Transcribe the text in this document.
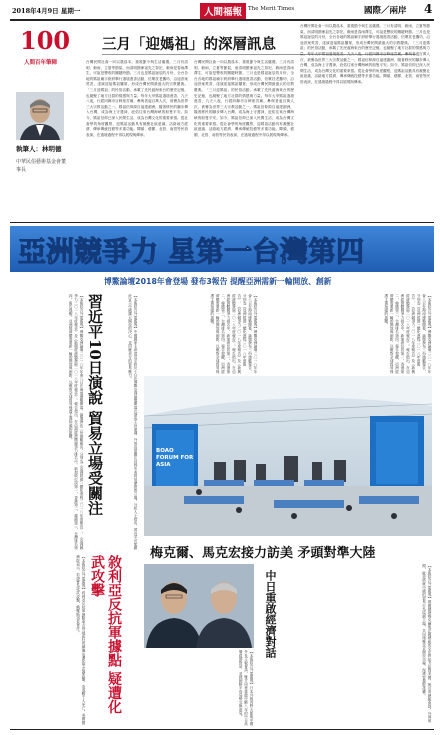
2018年4月9日 星期一	人間福報	The Merit Times	國際／兩岸 4
100
人間百年筆陣
三月「迎媽祖」的深層訊息
執筆人：林明德
中華民俗藝術基金會董事長
台灣民間社會一向以農爲本，重視節令與生活儀禮。三月有清明、穀雨，立夏等節氣，而清明節係祖先之祭祀，穀雨是春雨澤生，可說是豐收的關鍵時節。三月也是媽祖誕辰的月份，全台各地的媽祖廟宇紛紛舉行遶境進香活動，信眾扶老攜幼，沿途設案焚香，虔誠迎接媽祖鑾駕，形成台灣民間最盛大的宗教慶典。「三月迎媽祖」的民俗活動，承載了先民渡海來台的歷史記憶，也凝聚了地方社群的情感與力量。每年大甲媽祖遶境進香，九天八夜，行經四縣市百餘座宮廟，參與者逾百萬人次，被譽為世界三大宗教活動之一。媽祖信仰源自福建湄洲，隨著移民的腳步傳入台灣，成為海上守護神，庇佑往來台灣海峽的船隻平安。如今，媽祖信仰已深入民間生活，成為台灣文化的重要象徵。從社會學的角度觀察，迎媽祖活動具有凝聚社區意識、活絡地方經濟、傳承傳統技藝等多重功能。陣頭、藝閣、北管、南管等民俗表演，在遶境過程中得以展現與傳承。
台灣民間社會一向以農爲本，重視節令與生活儀禮。三月有清明、穀雨，立夏等節氣，而清明節係祖先之祭祀，穀雨是春雨澤生，可說是豐收的關鍵時節。三月也是媽祖誕辰的月份，全台各地的媽祖廟宇紛紛舉行遶境進香活動，信眾扶老攜幼，沿途設案焚香，虔誠迎接媽祖鑾駕，形成台灣民間最盛大的宗教慶典。「三月迎媽祖」的民俗活動，承載了先民渡海來台的歷史記憶，也凝聚了地方社群的情感與力量。每年大甲媽祖遶境進香，九天八夜，行經四縣市百餘座宮廟，參與者逾百萬人次，被譽為世界三大宗教活動之一。媽祖信仰源自福建湄洲，隨著移民的腳步傳入台灣，成為海上守護神，庇佑往來台灣海峽的船隻平安。如今，媽祖信仰已深入民間生活，成為台灣文化的重要象徵。從社會學的角度觀察，迎媽祖活動具有凝聚社區意識、活絡地方經濟、傳承傳統技藝等多重功能。陣頭、藝閣、北管、南管等民俗表演，在遶境過程中得以展現與傳承。
台灣民間社會一向以農爲本，重視節令與生活儀禮。三月有清明、穀雨，立夏等節氣，而清明節係祖先之祭祀，穀雨是春雨澤生，可說是豐收的關鍵時節。三月也是媽祖誕辰的月份，全台各地的媽祖廟宇紛紛舉行遶境進香活動，信眾扶老攜幼，沿途設案焚香，虔誠迎接媽祖鑾駕，形成台灣民間最盛大的宗教慶典。「三月迎媽祖」的民俗活動，承載了先民渡海來台的歷史記憶，也凝聚了地方社群的情感與力量。每年大甲媽祖遶境進香，九天八夜，行經四縣市百餘座宮廟，參與者逾百萬人次，被譽為世界三大宗教活動之一。媽祖信仰源自福建湄洲，隨著移民的腳步傳入台灣，成為海上守護神，庇佑往來台灣海峽的船隻平安。如今，媽祖信仰已深入民間生活，成為台灣文化的重要象徵。從社會學的角度觀察，迎媽祖活動具有凝聚社區意識、活絡地方經濟、傳承傳統技藝等多重功能。陣頭、藝閣、北管、南管等民俗表演，在遶境過程中得以展現與傳承。
亞洲競爭力 星第一台灣第四
博鰲論壇2018年會登場 發布3報告 提醒亞洲需新一輪開放、創新
習近平10日演說 貿易立場受關注
【本報綜合外電報導】博鰲亞洲論壇二〇一八年年會八日在海南博鰲開幕，論壇發布三份旗艦報告，分別為《亞洲經濟一體化進程二〇一八年度報告》、《亞洲競爭力二〇一八年度報告》及《新興經濟體發展二〇一八年度報告》。報告指出，在亞洲經濟體競爭力排名中，新加坡位居第一，香港第二，韓國第三，台灣排名第四。報告提醒，亞洲經濟體需要新一輪的開放與創新，以應對全球貿易保護主義抬頭的挑戰。	【本報綜合外電報導】中國國家主席習近平將於十日在博鰲亞洲論壇開幕式發表主旨演講，外界高度關注其對中美貿易摩擦的立場。分析人士指出，習近平可能藉此宣示中國擴大開放的決心，並回應美方的貿易壓力。	【本報綜合外電報導】博鰲亞洲論壇二〇一八年年會八日在海南博鰲開幕，論壇發布三份旗艦報告，分別為《亞洲經濟一體化進程二〇一八年度報告》、《亞洲競爭力二〇一八年度報告》及《新興經濟體發展二〇一八年度報告》。報告指出，在亞洲經濟體競爭力排名中，新加坡位居第一，香港第二，韓國第三，台灣排名第四。報告提醒，亞洲經濟體需要新一輪的開放與創新，以應對全球貿易保護主義抬頭的挑戰。	【本報綜合外電報導】博鰲亞洲論壇二〇一八年年會八日在海南博鰲開幕，論壇發布三份旗艦報告，分別為《亞洲經濟一體化進程二〇一八年度報告》、《亞洲競爭力二〇一八年度報告》及《新興經濟體發展二〇一八年度報告》。報告指出，在亞洲經濟體競爭力排名中，新加坡位居第一，香港第二，韓國第三，台灣排名第四。報告提醒，亞洲經濟體需要新一輪的開放與創新，以應對全球貿易保護主義抬頭的挑戰。
BOAO FORUM FOR ASIA
敘利亞反抗軍據點 疑遭化武攻擊
【本報綜合外電報導】敘利亞反抗軍據點東古塔地區杜馬鎮傳出遭化學武器攻擊，造成數十人死亡。美國國務院表示，若證實為化武攻擊，俄羅斯須負責任。
梅克爾、馬克宏接力訪美 矛頭對準大陸
中日重啟經濟對話
【本報綜合外電報導】日本外相河野太郎與中國外長王毅會談，雙方同意重啟中斷八年的中日高層經濟對話，並就朝鮮半島局勢交換意見。	【本報綜合外電報導】德國總理梅克爾與法國總統馬克宏將接力訪問美國，與川普總統會談。外界預期，歐美將就中國的貿易行為協調立場，共同施壓北京開放市場、保護智慧財產權。
